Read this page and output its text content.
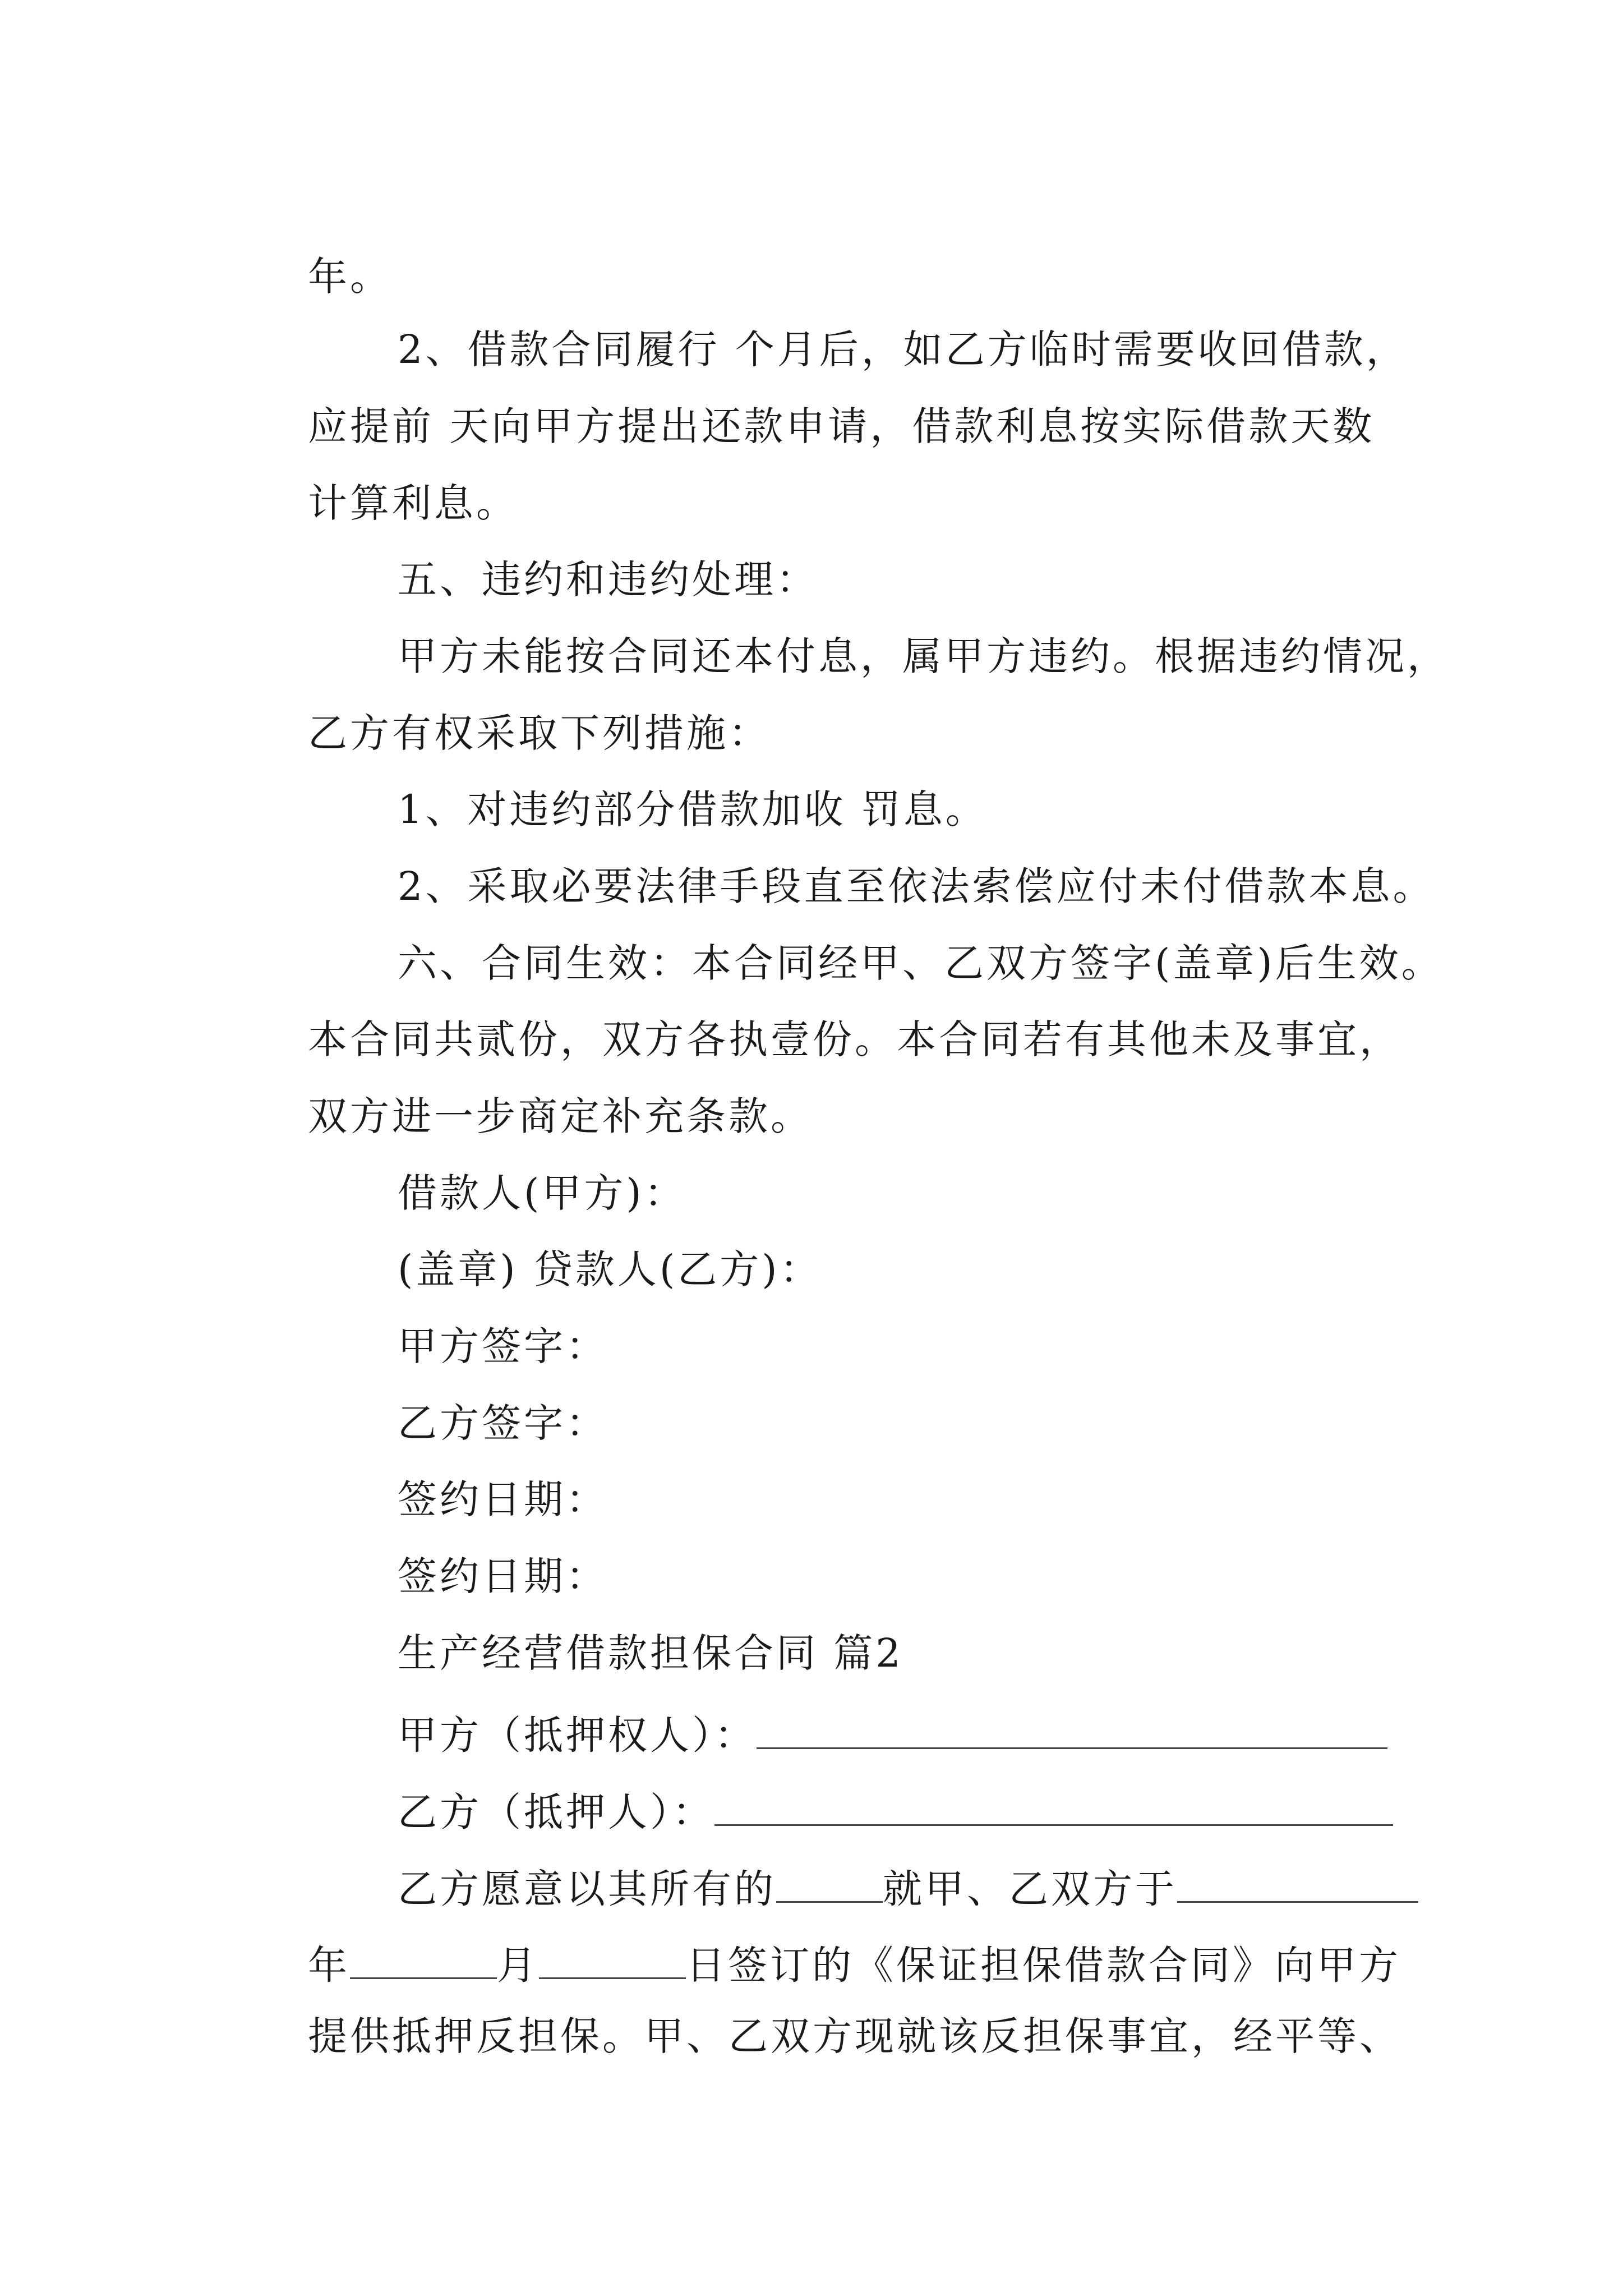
年。

2、借款合同履行 个月后，如乙方临时需要收回借款，

应提前 天向甲方提出还款申请，借款利息按实际借款天数

计算利息。

五、违约和违约处理：

甲方未能按合同还本付息，属甲方违约。根据违约情况，

乙方有权采取下列措施：

1、对违约部分借款加收 罚息。

2、采取必要法律手段直至依法索偿应付未付借款本息。

六、合同生效：本合同经甲、乙双方签字(盖章)后生效。

本合同共贰份，双方各执壹份。本合同若有其他未及事宜，

双方进一步商定补充条款。

借款人(甲方)：

(盖章) 贷款人(乙方)：

甲方签字：

乙方签字：

签约日期：

签约日期：

生产经营借款担保合同 篇2

甲方（抵押权人）：

乙方（抵押人）：

乙方愿意以其所有的	就甲、乙双方于

年	月	日签订的《保证担保借款合同》向甲方

提供抵押反担保。甲、乙双方现就该反担保事宜，经平等、
